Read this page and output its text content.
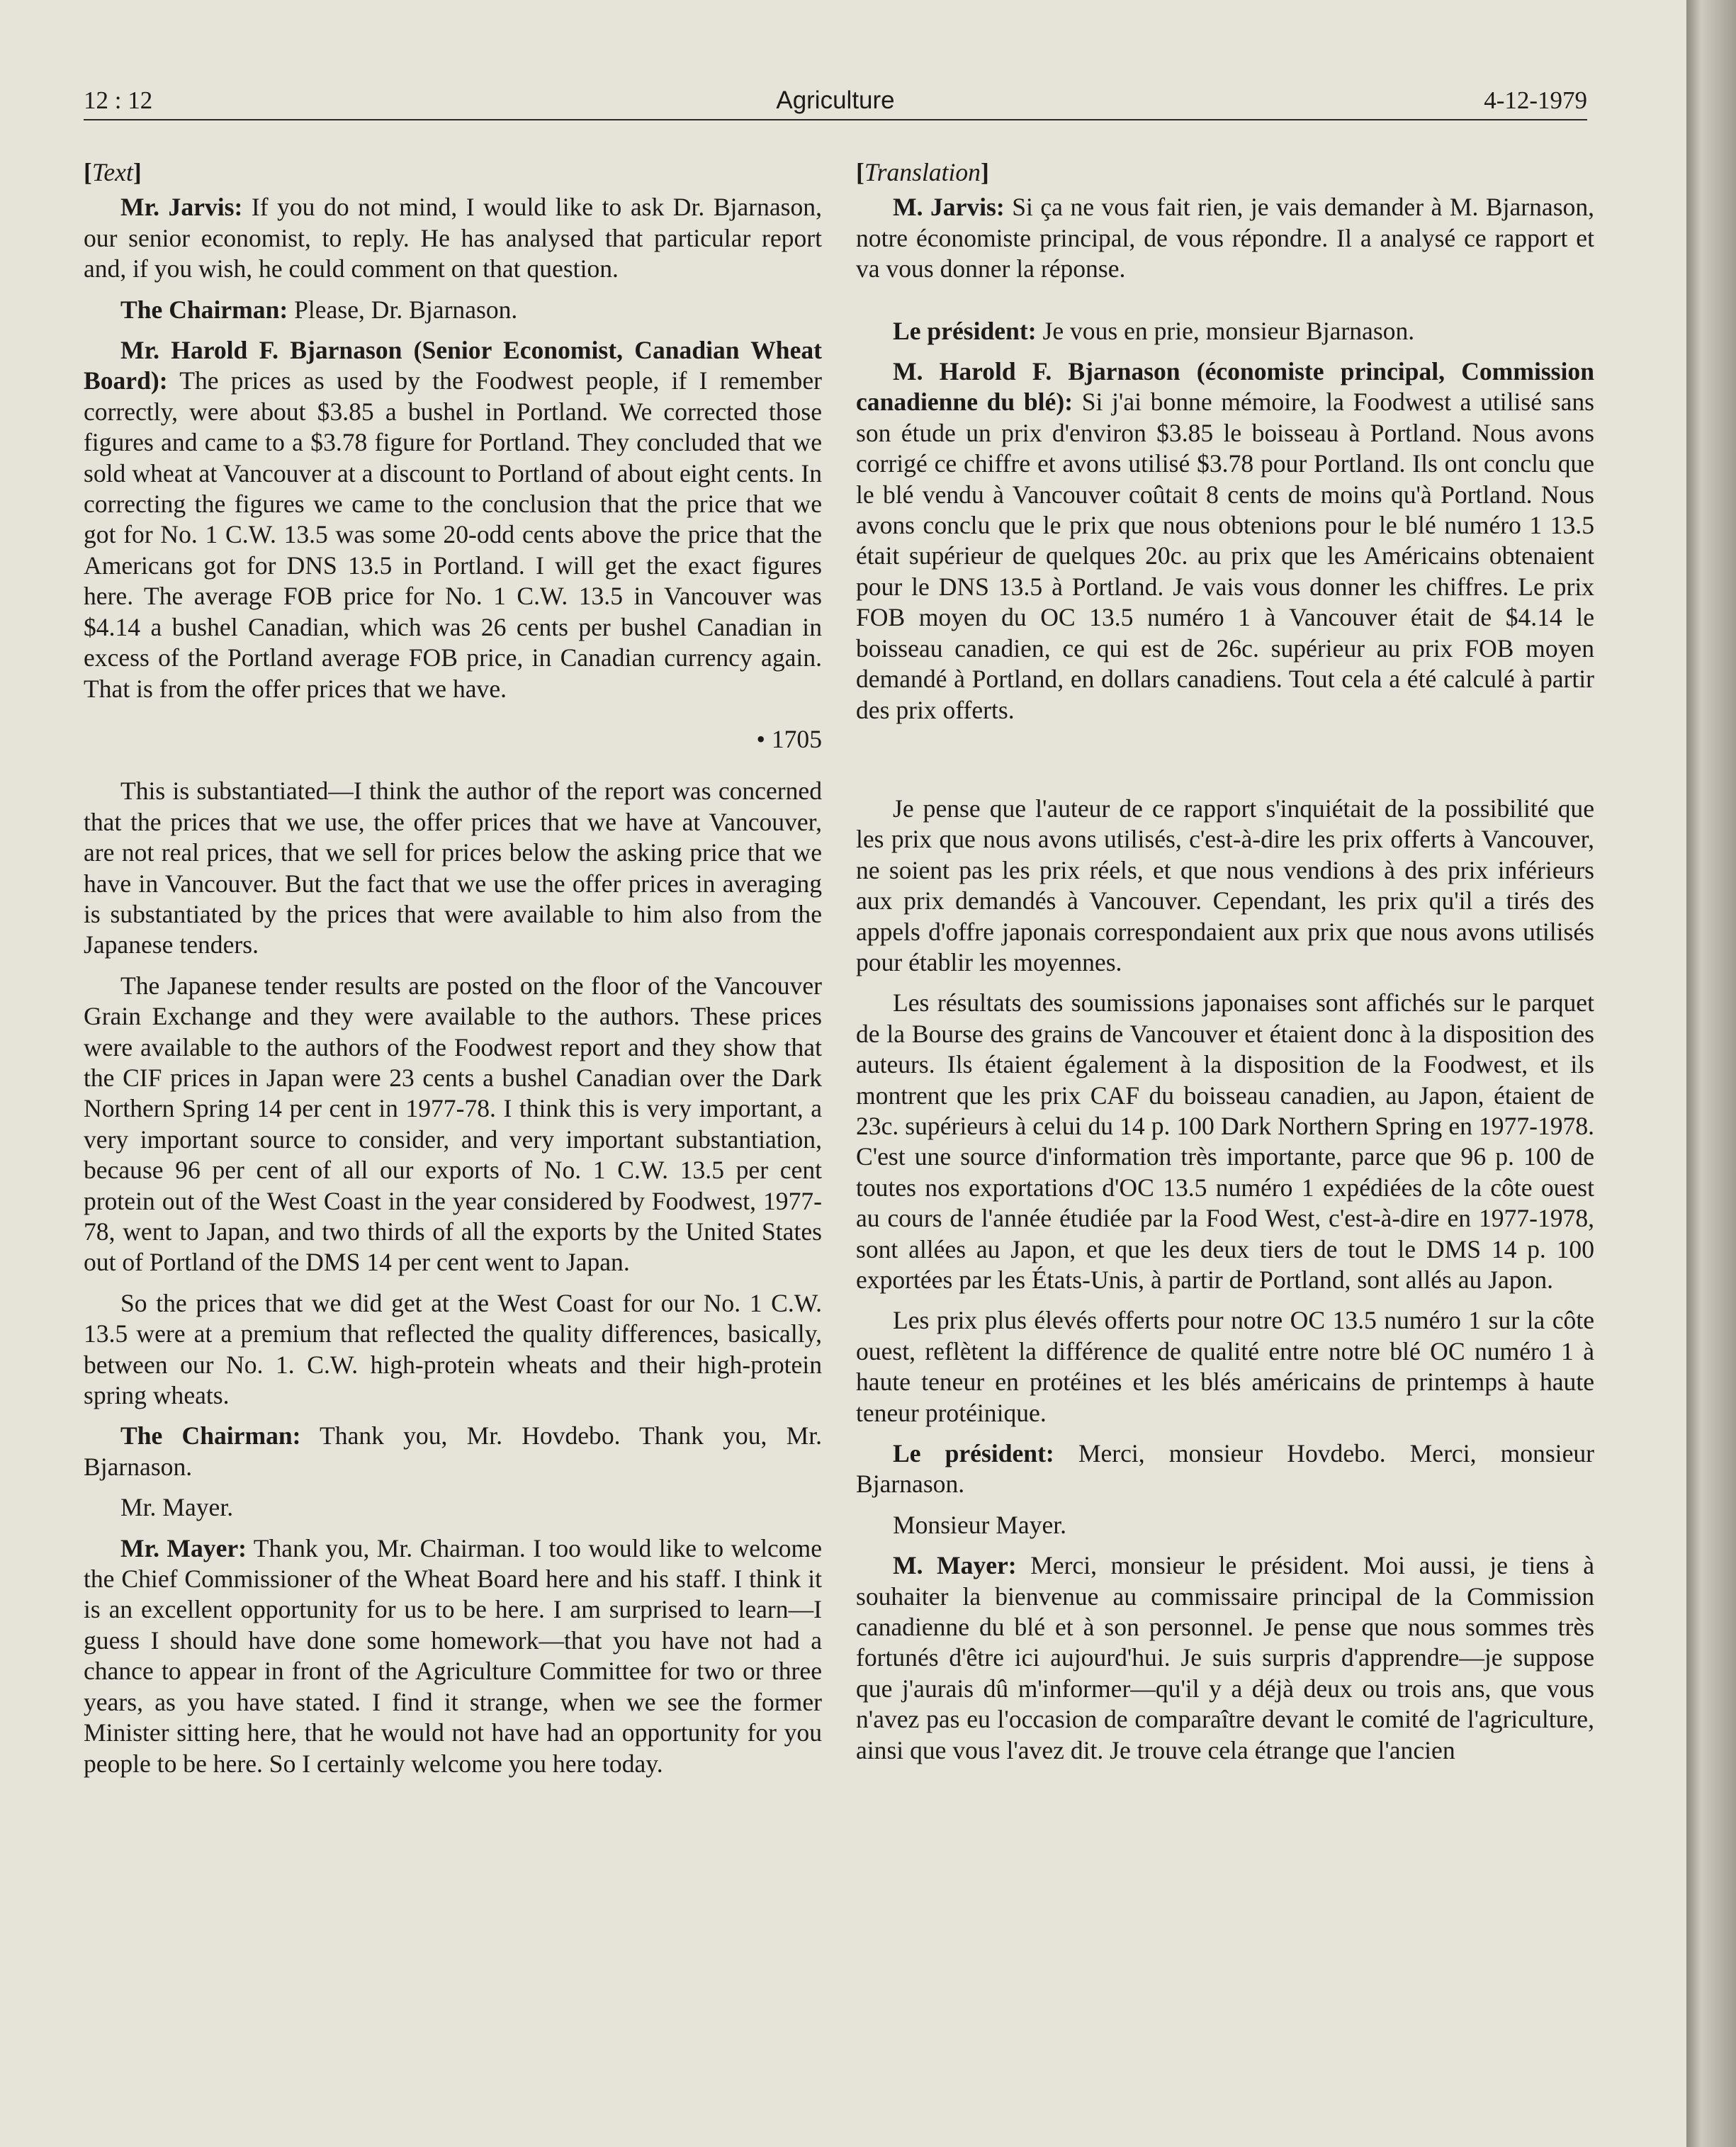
12 : 12	Agriculture	4-12-1979

[Text]

Mr. Jarvis: If you do not mind, I would like to ask Dr. Bjarnason, our senior economist, to reply. He has analysed that particular report and, if you wish, he could comment on that question.

The Chairman: Please, Dr. Bjarnason.

Mr. Harold F. Bjarnason (Senior Economist, Canadian Wheat Board): The prices as used by the Foodwest people, if I remember correctly, were about $3.85 a bushel in Portland. We corrected those figures and came to a $3.78 figure for Portland. They concluded that we sold wheat at Vancouver at a discount to Portland of about eight cents. In correcting the figures we came to the conclusion that the price that we got for No. 1 C.W. 13.5 was some 20-odd cents above the price that the Americans got for DNS 13.5 in Portland. I will get the exact figures here. The average FOB price for No. 1 C.W. 13.5 in Vancouver was $4.14 a bushel Canadian, which was 26 cents per bushel Canadian in excess of the Portland average FOB price, in Canadian currency again. That is from the offer prices that we have.

• 1705

This is substantiated—I think the author of the report was concerned that the prices that we use, the offer prices that we have at Vancouver, are not real prices, that we sell for prices below the asking price that we have in Vancouver. But the fact that we use the offer prices in averaging is substantiated by the prices that were available to him also from the Japanese tenders.

The Japanese tender results are posted on the floor of the Vancouver Grain Exchange and they were available to the authors. These prices were available to the authors of the Foodwest report and they show that the CIF prices in Japan were 23 cents a bushel Canadian over the Dark Northern Spring 14 per cent in 1977-78. I think this is very important, a very important source to consider, and very important substantiation, because 96 per cent of all our exports of No. 1 C.W. 13.5 per cent protein out of the West Coast in the year considered by Foodwest, 1977-78, went to Japan, and two thirds of all the exports by the United States out of Portland of the DMS 14 per cent went to Japan.

So the prices that we did get at the West Coast for our No. 1 C.W. 13.5 were at a premium that reflected the quality differences, basically, between our No. 1. C.W. high-protein wheats and their high-protein spring wheats.

The Chairman: Thank you, Mr. Hovdebo. Thank you, Mr. Bjarnason.

Mr. Mayer.

Mr. Mayer: Thank you, Mr. Chairman. I too would like to welcome the Chief Commissioner of the Wheat Board here and his staff. I think it is an excellent opportunity for us to be here. I am surprised to learn—I guess I should have done some homework—that you have not had a chance to appear in front of the Agriculture Committee for two or three years, as you have stated. I find it strange, when we see the former Minister sitting here, that he would not have had an opportunity for you people to be here. So I certainly welcome you here today.

[Translation]

M. Jarvis: Si ça ne vous fait rien, je vais demander à M. Bjarnason, notre économiste principal, de vous répondre. Il a analysé ce rapport et va vous donner la réponse.

Le président: Je vous en prie, monsieur Bjarnason.

M. Harold F. Bjarnason (économiste principal, Commission canadienne du blé): Si j'ai bonne mémoire, la Foodwest a utilisé sans son étude un prix d'environ $3.85 le boisseau à Portland. Nous avons corrigé ce chiffre et avons utilisé $3.78 pour Portland. Ils ont conclu que le blé vendu à Vancouver coûtait 8 cents de moins qu'à Portland. Nous avons conclu que le prix que nous obtenions pour le blé numéro 1 13.5 était supérieur de quelques 20c. au prix que les Américains obtenaient pour le DNS 13.5 à Portland. Je vais vous donner les chiffres. Le prix FOB moyen du OC 13.5 numéro 1 à Vancouver était de $4.14 le boisseau canadien, ce qui est de 26c. supérieur au prix FOB moyen demandé à Portland, en dollars canadiens. Tout cela a été calculé à partir des prix offerts.

Je pense que l'auteur de ce rapport s'inquiétait de la possibilité que les prix que nous avons utilisés, c'est-à-dire les prix offerts à Vancouver, ne soient pas les prix réels, et que nous vendions à des prix inférieurs aux prix demandés à Vancouver. Cependant, les prix qu'il a tirés des appels d'offre japonais correspondaient aux prix que nous avons utilisés pour établir les moyennes.

Les résultats des soumissions japonaises sont affichés sur le parquet de la Bourse des grains de Vancouver et étaient donc à la disposition des auteurs. Ils étaient également à la disposition de la Foodwest, et ils montrent que les prix CAF du boisseau canadien, au Japon, étaient de 23c. supérieurs à celui du 14 p. 100 Dark Northern Spring en 1977-1978. C'est une source d'information très importante, parce que 96 p. 100 de toutes nos exportations d'OC 13.5 numéro 1 expédiées de la côte ouest au cours de l'année étudiée par la Food West, c'est-à-dire en 1977-1978, sont allées au Japon, et que les deux tiers de tout le DMS 14 p. 100 exportées par les États-Unis, à partir de Portland, sont allés au Japon.

Les prix plus élevés offerts pour notre OC 13.5 numéro 1 sur la côte ouest, reflètent la différence de qualité entre notre blé OC numéro 1 à haute teneur en protéines et les blés américains de printemps à haute teneur protéinique.

Le président: Merci, monsieur Hovdebo. Merci, monsieur Bjarnason.

Monsieur Mayer.

M. Mayer: Merci, monsieur le président. Moi aussi, je tiens à souhaiter la bienvenue au commissaire principal de la Commission canadienne du blé et à son personnel. Je pense que nous sommes très fortunés d'être ici aujourd'hui. Je suis surpris d'apprendre—je suppose que j'aurais dû m'informer—qu'il y a déjà deux ou trois ans, que vous n'avez pas eu l'occasion de comparaître devant le comité de l'agriculture, ainsi que vous l'avez dit. Je trouve cela étrange que l'ancien
